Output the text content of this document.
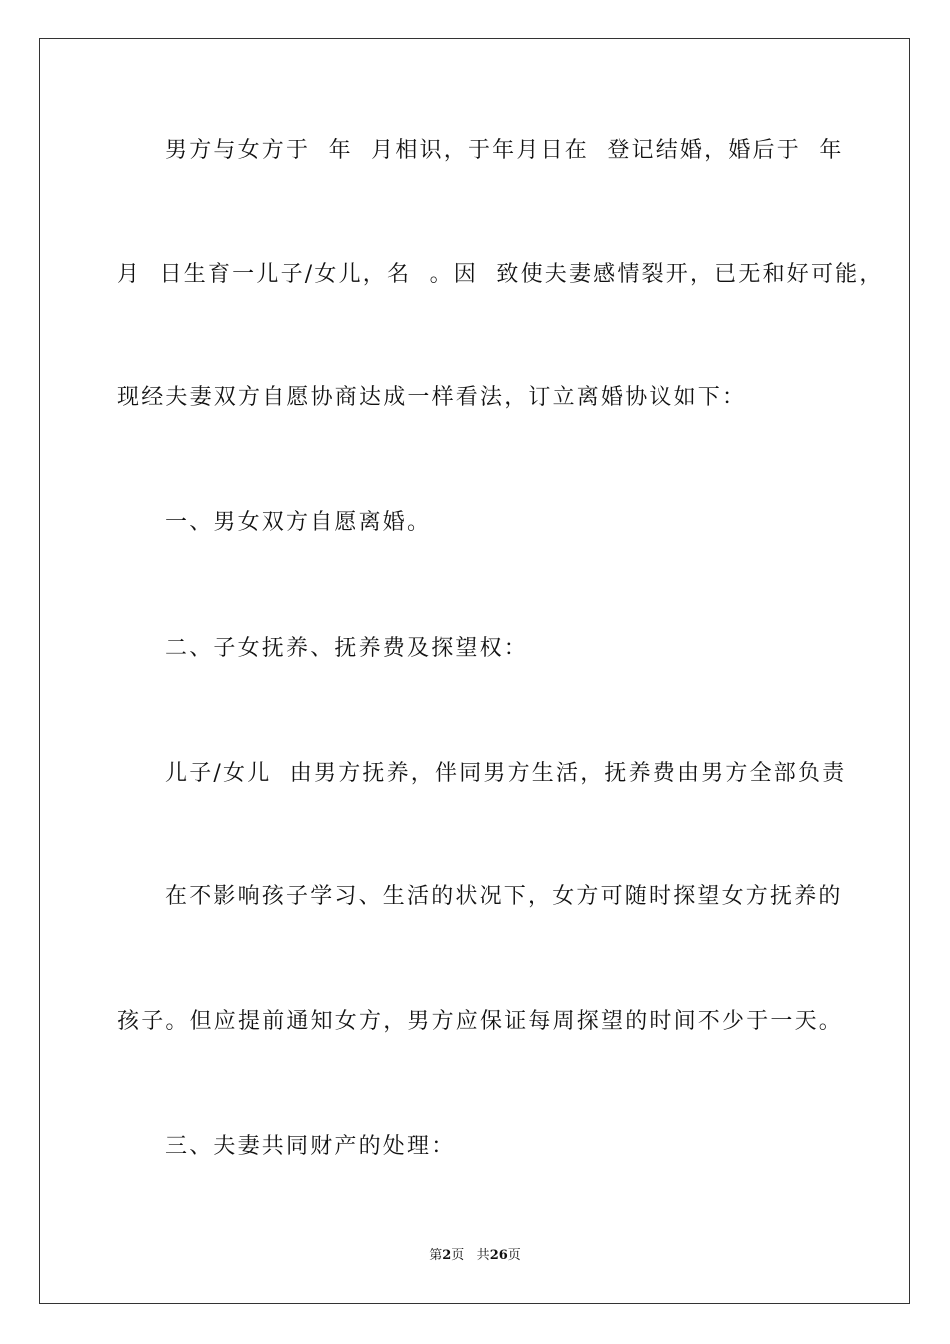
男方与女方于  年  月相识，于年月日在  登记结婚，婚后于  年
月  日生育一儿子/女儿，名  。因  致使夫妻感情裂开，已无和好可能，
现经夫妻双方自愿协商达成一样看法，订立离婚协议如下：
一、男女双方自愿离婚。
二、子女抚养、抚养费及探望权：
儿子/女儿  由男方抚养，伴同男方生活，抚养费由男方全部负责
在不影响孩子学习、生活的状况下，女方可随时探望女方抚养的
孩子。但应提前通知女方，男方应保证每周探望的时间不少于一天。
三、夫妻共同财产的处理：
第2页 共26页
